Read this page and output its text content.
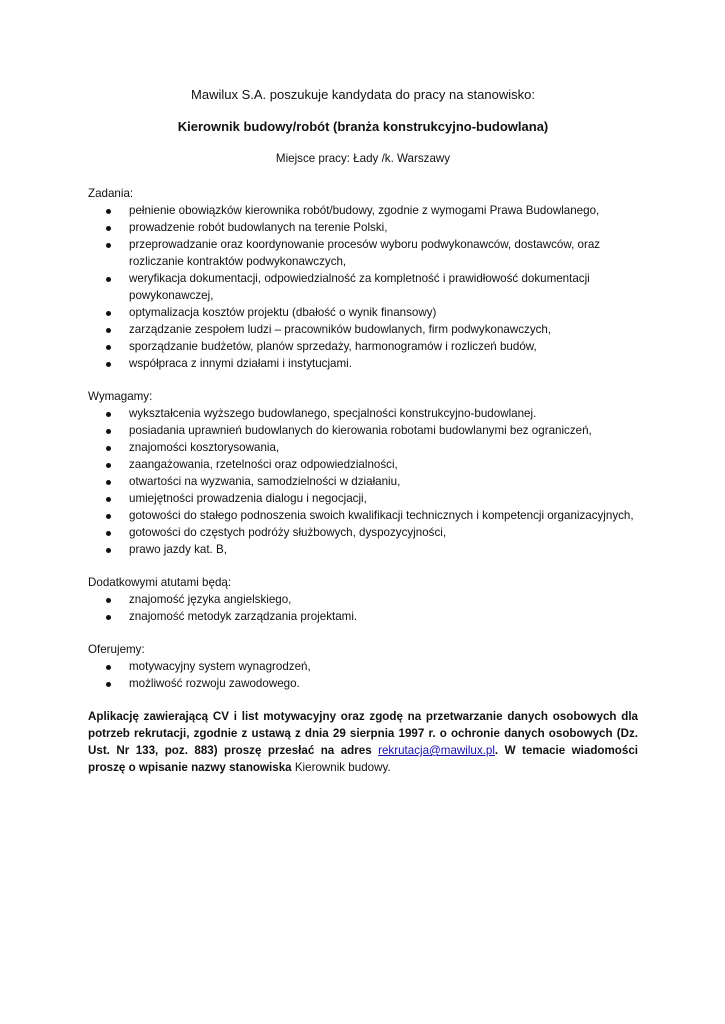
Mawilux S.A. poszukuje kandydata do pracy na stanowisko:

Kierownik budowy/robót (branża konstrukcyjno-budowlana)

Miejsce pracy: Łady /k. Warszawy

Zadania:

pełnienie obowiązków kierownika robót/budowy, zgodnie z wymogami Prawa Budowlanego,
prowadzenie robót budowlanych na terenie Polski,
przeprowadzanie oraz koordynowanie procesów wyboru podwykonawców, dostawców, oraz rozliczanie kontraktów podwykonawczych,
weryfikacja dokumentacji, odpowiedzialność za kompletność i prawidłowość dokumentacji powykonawczej,
optymalizacja kosztów projektu (dbałość o wynik finansowy)
zarządzanie zespołem ludzi – pracowników budowlanych, firm podwykonawczych,
sporządzanie budżetów, planów sprzedaży, harmonogramów i rozliczeń budów,
współpraca z innymi działami i instytucjami.

Wymagamy:

wykształcenia wyższego budowlanego, specjalności konstrukcyjno-budowlanej.
posiadania uprawnień budowlanych do kierowania robotami budowlanymi bez ograniczeń,
znajomości kosztorysowania,
zaangażowania, rzetelności oraz odpowiedzialności,
otwartości na wyzwania, samodzielności w działaniu,
umiejętności prowadzenia dialogu i negocjacji,
gotowości do stałego podnoszenia swoich kwalifikacji technicznych i kompetencji organizacyjnych,
gotowości do częstych podróży służbowych, dyspozycyjności,
prawo jazdy kat. B,

Dodatkowymi atutami będą:

znajomość języka angielskiego,
znajomość metodyk zarządzania projektami.

Oferujemy:

motywacyjny system wynagrodzeń,
możliwość rozwoju zawodowego.

Aplikację zawierającą CV i list motywacyjny oraz zgodę na przetwarzanie danych osobowych dla potrzeb rekrutacji, zgodnie z ustawą z dnia 29 sierpnia 1997 r. o ochronie danych osobowych (Dz. Ust. Nr 133, poz. 883) proszę przesłać na adres rekrutacja@mawilux.pl. W temacie wiadomości proszę o wpisanie nazwy stanowiska Kierownik budowy.
